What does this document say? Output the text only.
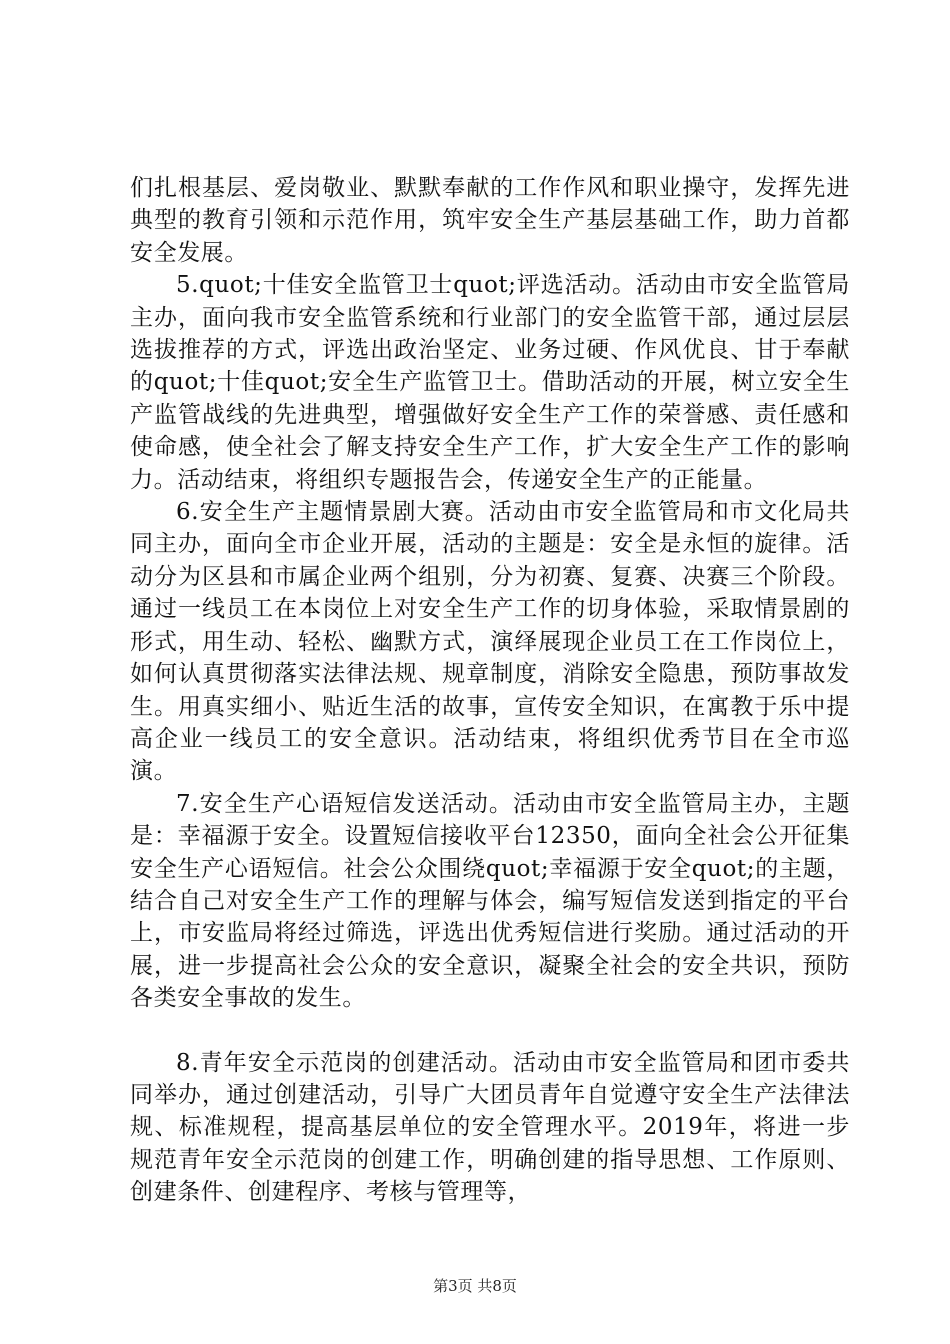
们扎根基层、爱岗敬业、默默奉献的工作作风和职业操守，发挥先进典型的教育引领和示范作用，筑牢安全生产基层基础工作，助力首都安全发展。

5.quot;十佳安全监管卫士quot;评选活动。活动由市安全监管局主办，面向我市安全监管系统和行业部门的安全监管干部，通过层层选拔推荐的方式，评选出政治坚定、业务过硬、作风优良、甘于奉献的quot;十佳quot;安全生产监管卫士。借助活动的开展，树立安全生产监管战线的先进典型，增强做好安全生产工作的荣誉感、责任感和使命感，使全社会了解支持安全生产工作，扩大安全生产工作的影响力。活动结束，将组织专题报告会，传递安全生产的正能量。

6.安全生产主题情景剧大赛。活动由市安全监管局和市文化局共同主办，面向全市企业开展，活动的主题是：安全是永恒的旋律。活动分为区县和市属企业两个组别，分为初赛、复赛、决赛三个阶段。通过一线员工在本岗位上对安全生产工作的切身体验，采取情景剧的形式，用生动、轻松、幽默方式，演绎展现企业员工在工作岗位上，如何认真贯彻落实法律法规、规章制度，消除安全隐患，预防事故发生。用真实细小、贴近生活的故事，宣传安全知识，在寓教于乐中提高企业一线员工的安全意识。活动结束，将组织优秀节目在全市巡演。

7.安全生产心语短信发送活动。活动由市安全监管局主办，主题是：幸福源于安全。设置短信接收平台12350，面向全社会公开征集安全生产心语短信。社会公众围绕quot;幸福源于安全quot;的主题，结合自己对安全生产工作的理解与体会，编写短信发送到指定的平台上，市安监局将经过筛选，评选出优秀短信进行奖励。通过活动的开展，进一步提高社会公众的安全意识，凝聚全社会的安全共识，预防各类安全事故的发生。

8.青年安全示范岗的创建活动。活动由市安全监管局和团市委共同举办，通过创建活动，引导广大团员青年自觉遵守安全生产法律法规、标准规程，提高基层单位的安全管理水平。2019年，将进一步规范青年安全示范岗的创建工作，明确创建的指导思想、工作原则、创建条件、创建程序、考核与管理等，

第3页 共8页
